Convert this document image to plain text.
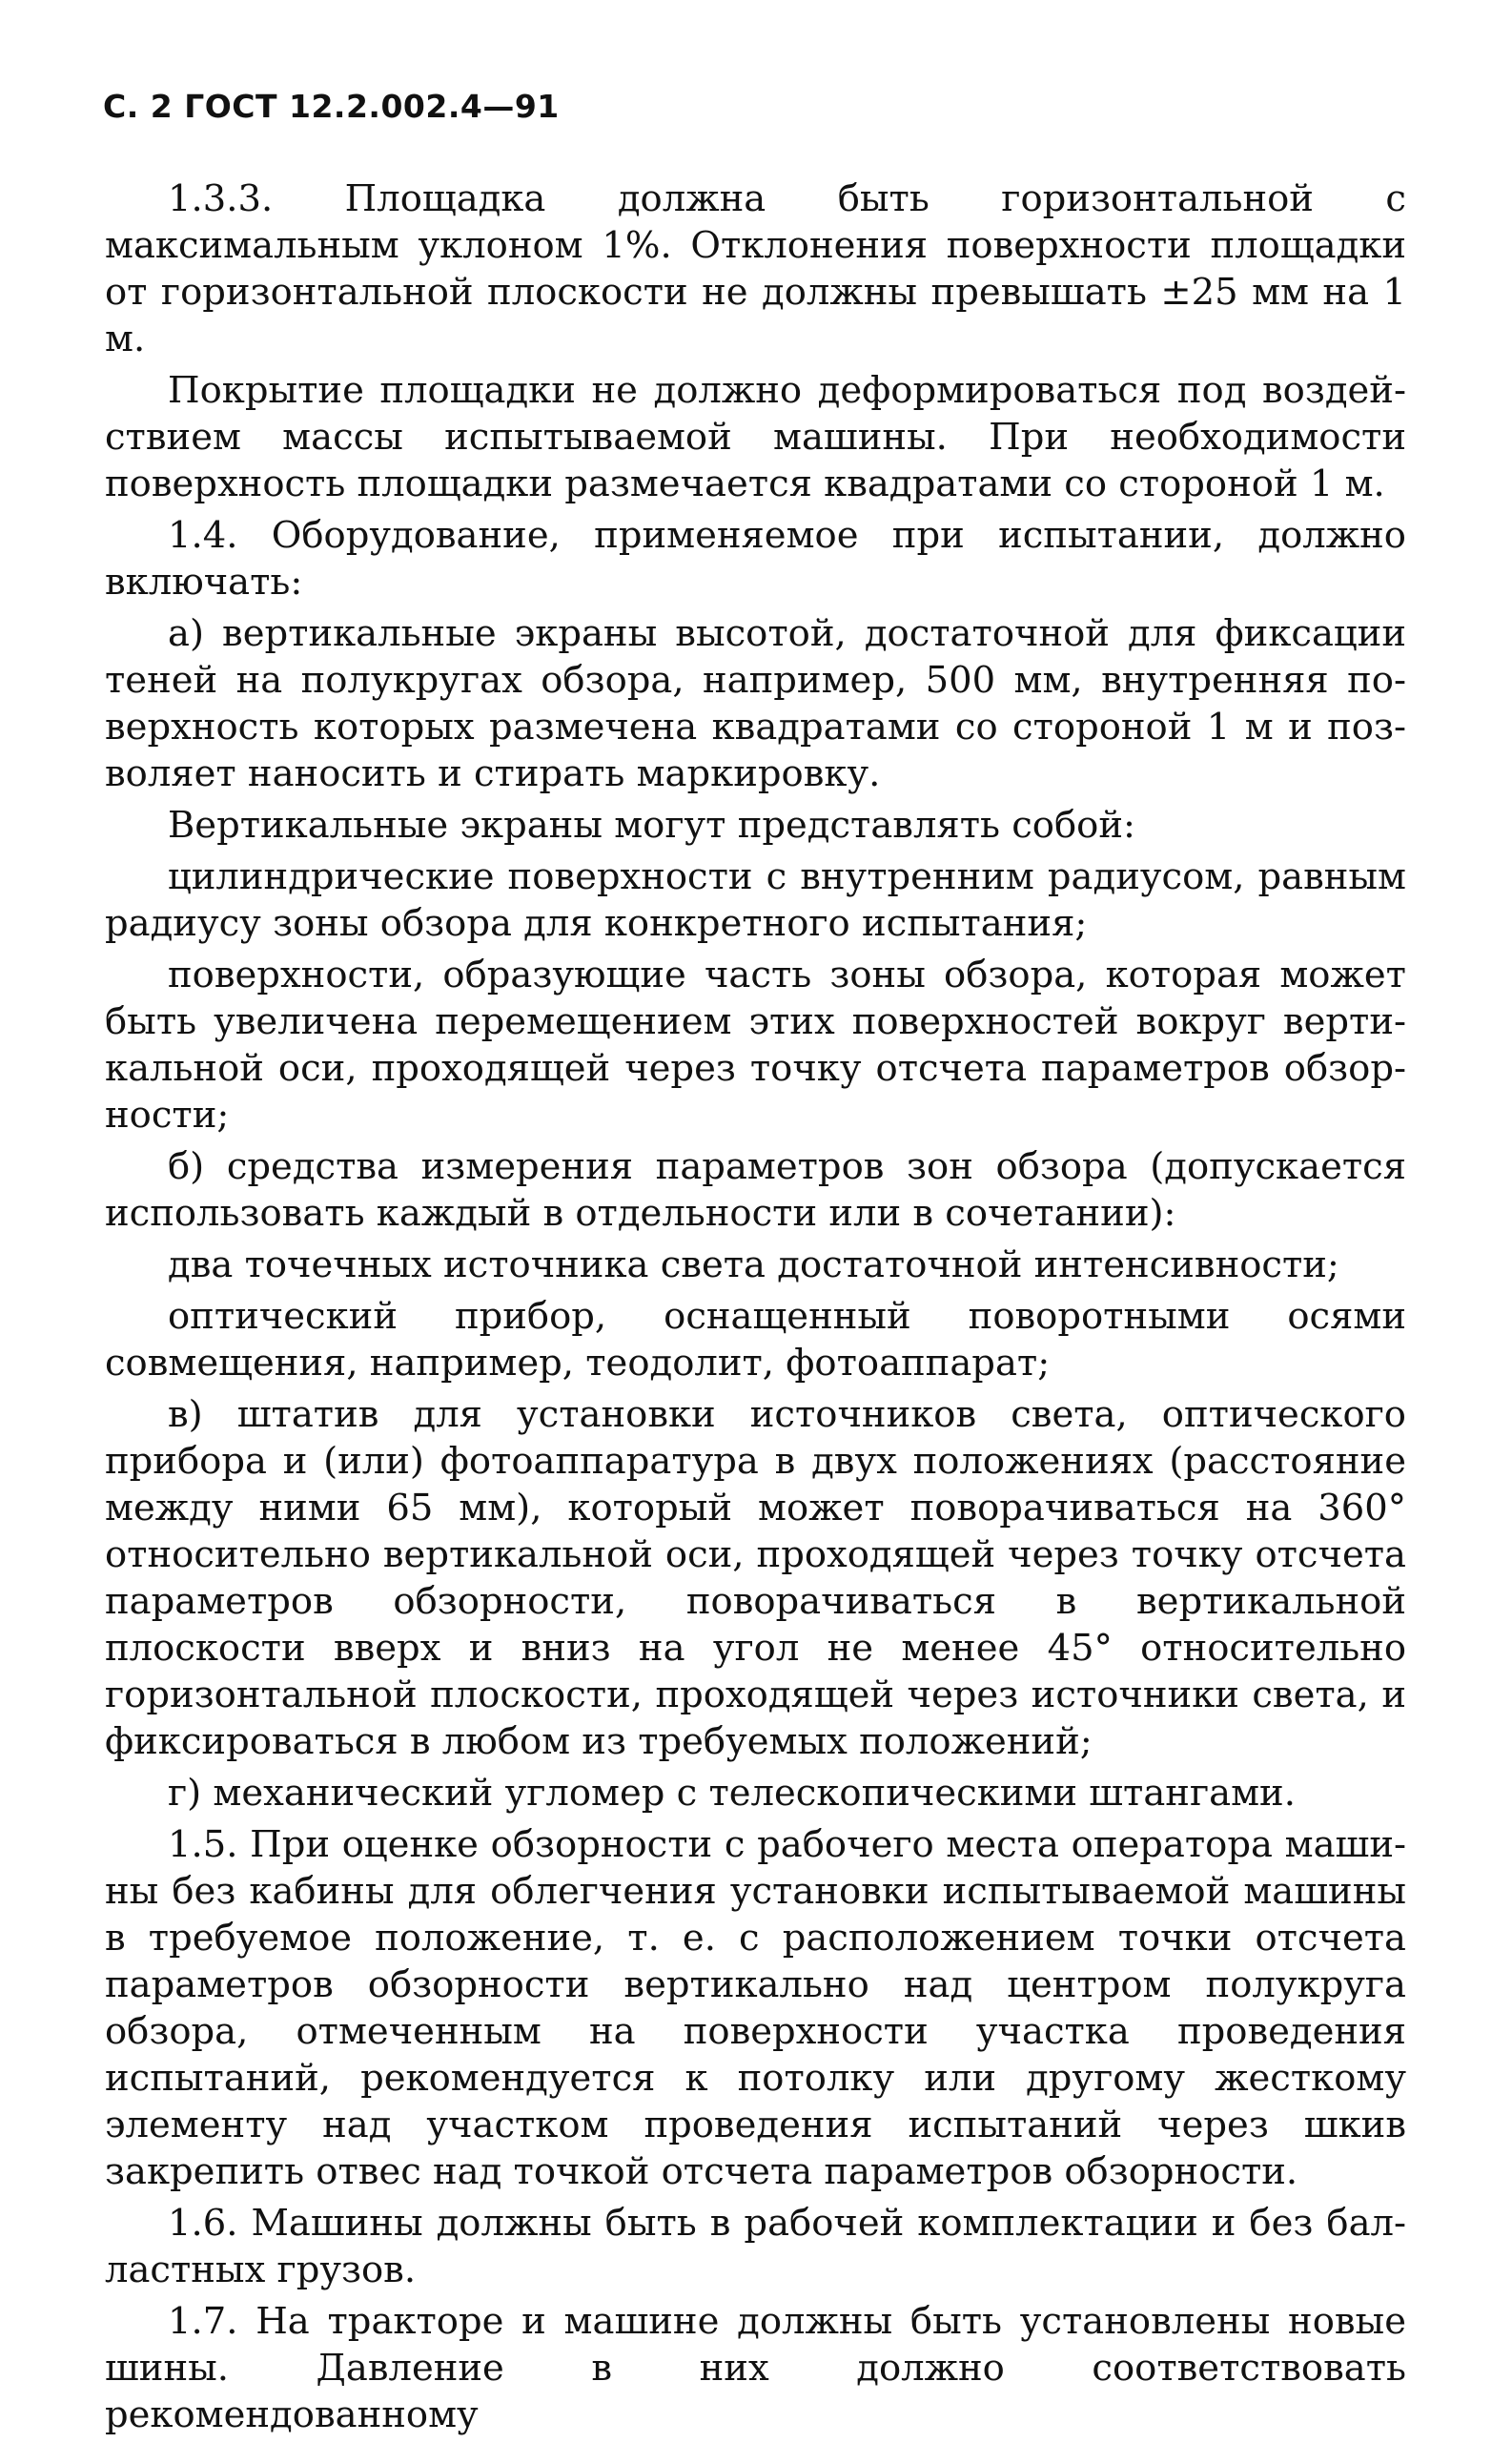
С. 2 ГОСТ 12.2.002.4—91

1.3.3. Площадка должна быть горизонтальной с максимальным уклоном 1%. Отклонения поверхности площадки от горизонтальной плоскости не должны превышать ±25 мм на 1 м.

Покрытие площадки не должно деформироваться под воздействием массы испытываемой машины. При необходимости поверхность площадки размечается квадратами со стороной 1 м.

1.4. Оборудование, применяемое при испытании, должно включать:

а) вертикальные экраны высотой, достаточной для фиксации теней на полукругах обзора, например, 500 мм, внутренняя поверхность которых размечена квадратами со стороной 1 м и позволяет наносить и стирать маркировку.

Вертикальные экраны могут представлять собой:

цилиндрические поверхности с внутренним радиусом, равным радиусу зоны обзора для конкретного испытания;

поверхности, образующие часть зоны обзора, которая может быть увеличена перемещением этих поверхностей вокруг вертикальной оси, проходящей через точку отсчета параметров обзорности;

б) средства измерения параметров зон обзора (допускается использовать каждый в отдельности или в сочетании):

два точечных источника света достаточной интенсивности;

оптический прибор, оснащенный поворотными осями совмещения, например, теодолит, фотоаппарат;

в) штатив для установки источников света, оптического прибора и (или) фотоаппаратура в двух положениях (расстояние между ними 65 мм), который может поворачиваться на 360° относительно вертикальной оси, проходящей через точку отсчета параметров обзорности, поворачиваться в вертикальной плоскости вверх и вниз на угол не менее 45° относительно горизонтальной плоскости, проходящей через источники света, и фиксироваться в любом из требуемых положений;

г) механический угломер с телескопическими штангами.

1.5. При оценке обзорности с рабочего места оператора машины без кабины для облегчения установки испытываемой машины в требуемое положение, т. е. с расположением точки отсчета параметров обзорности вертикально над центром полукруга обзора, отмеченным на поверхности участка проведения испытаний, рекомендуется к потолку или другому жесткому элементу над участком проведения испытаний через шкив закрепить отвес над точкой отсчета параметров обзорности.

1.6. Машины должны быть в рабочей комплектации и без балластных грузов.

1.7. На тракторе и машине должны быть установлены новые шины. Давление в них должно соответствовать рекомендованному
